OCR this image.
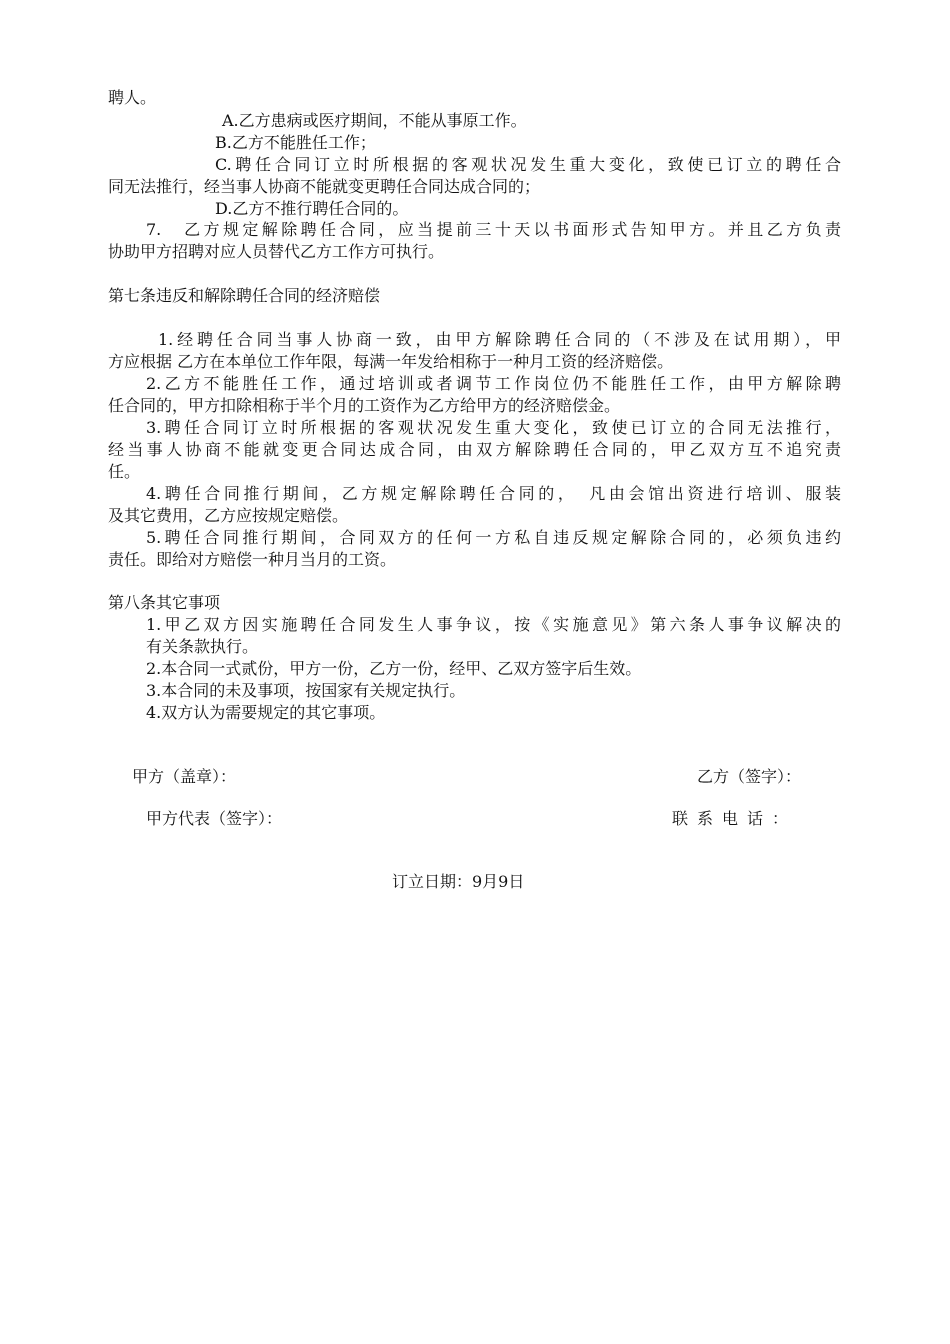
聘人。
A.乙方患病或医疗期间，不能从事原工作。
B.乙方不能胜任工作；
C.聘任合同订立时所根据的客观状况发生重大变化，致使已订立的聘任合
同无法推行，经当事人协商不能就变更聘任合同达成合同的；
D.乙方不推行聘任合同的。
7.　乙方规定解除聘任合同，应当提前三十天以书面形式告知甲方。并且乙方负责
协助甲方招聘对应人员替代乙方工作方可执行。
第七条违反和解除聘任合同的经济赔偿
1.经聘任合同当事人协商一致，由甲方解除聘任合同的（不涉及在试用期），甲
方应根据 乙方在本单位工作年限，每满一年发给相称于一种月工资的经济赔偿。
2.乙方不能胜任工作，通过培训或者调节工作岗位仍不能胜任工作，由甲方解除聘
任合同的，甲方扣除相称于半个月的工资作为乙方给甲方的经济赔偿金。
3.聘任合同订立时所根据的客观状况发生重大变化，致使已订立的合同无法推行，
经当事人协商不能就变更合同达成合同，由双方解除聘任合同的，甲乙双方互不追究责
任。
4.聘任合同推行期间，乙方规定解除聘任合同的，　凡由会馆出资进行培训、服装
及其它费用，乙方应按规定赔偿。
5.聘任合同推行期间，合同双方的任何一方私自违反规定解除合同的，必须负违约
责任。即给对方赔偿一种月当月的工资。
第八条其它事项
1.甲乙双方因实施聘任合同发生人事争议，按《实施意见》第六条人事争议解决的
有关条款执行。
2.本合同一式贰份，甲方一份，乙方一份，经甲、乙双方签字后生效。
3.本合同的未及事项，按国家有关规定执行。
4.双方认为需要规定的其它事项。
甲方（盖章）：	乙方（签字）：
甲方代表（签字）：	联系电话：
订立日期：9月9日
